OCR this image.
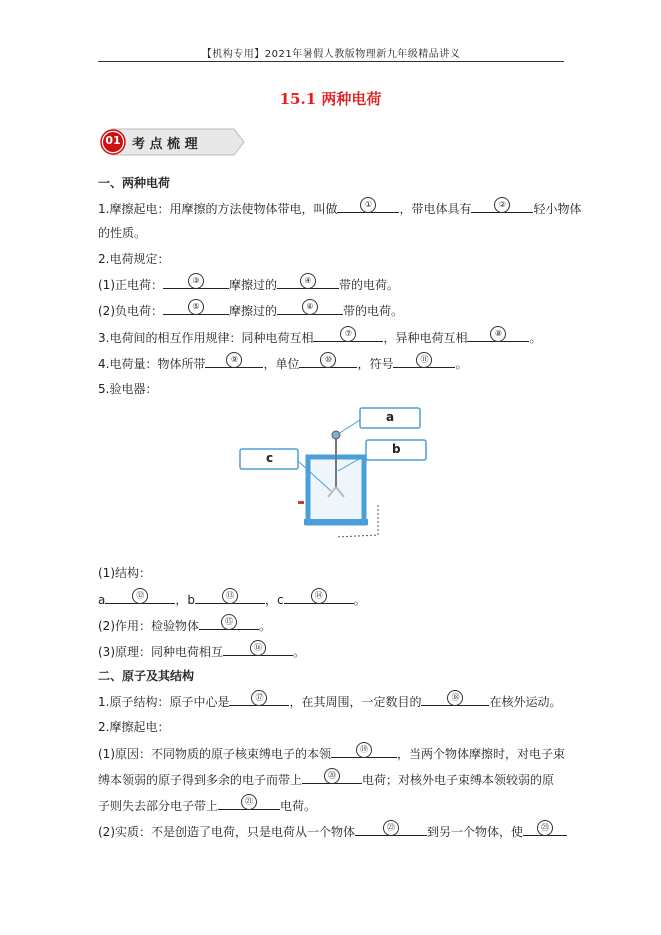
【机构专用】2021年暑假人教版物理新九年级精品讲义
15.1 两种电荷
01 考 点 梳 理
一、两种电荷
1.摩擦起电：用摩擦的方法使物体带电，叫做	①	，带电体具有	②	轻小物体
的性质。
2.电荷规定：
(1)正电荷：	③	摩擦过的	④	带的电荷。
(2)负电荷：	⑤	摩擦过的	⑥	带的电荷。
3.电荷间的相互作用规律：同种电荷互相	⑦	，异种电荷互相	⑧	。
4.电荷量：物体所带	⑨	，单位	⑩	，符号	⑪	。
5.验电器：
a
b
c
(1)结构：
a	⑫	，b	⑬	，c	⑭	。
(2)作用：检验物体	⑮	。
(3)原理：同种电荷相互	⑯	。
二、原子及其结构
1.原子结构：原子中心是	⑰	，在其周围，一定数目的	⑱	在核外运动。
2.摩擦起电：
(1)原因：不同物质的原子核束缚电子的本领	⑲	，当两个物体摩擦时，对电子束
缚本领弱的原子得到多余的电子而带上	⑳	电荷；对核外电子束缚本领较弱的原
子则失去部分电子带上	㉑	电荷。
(2)实质：不是创造了电荷，只是电荷从一个物体	㉒	到另一个物体，使	㉓
